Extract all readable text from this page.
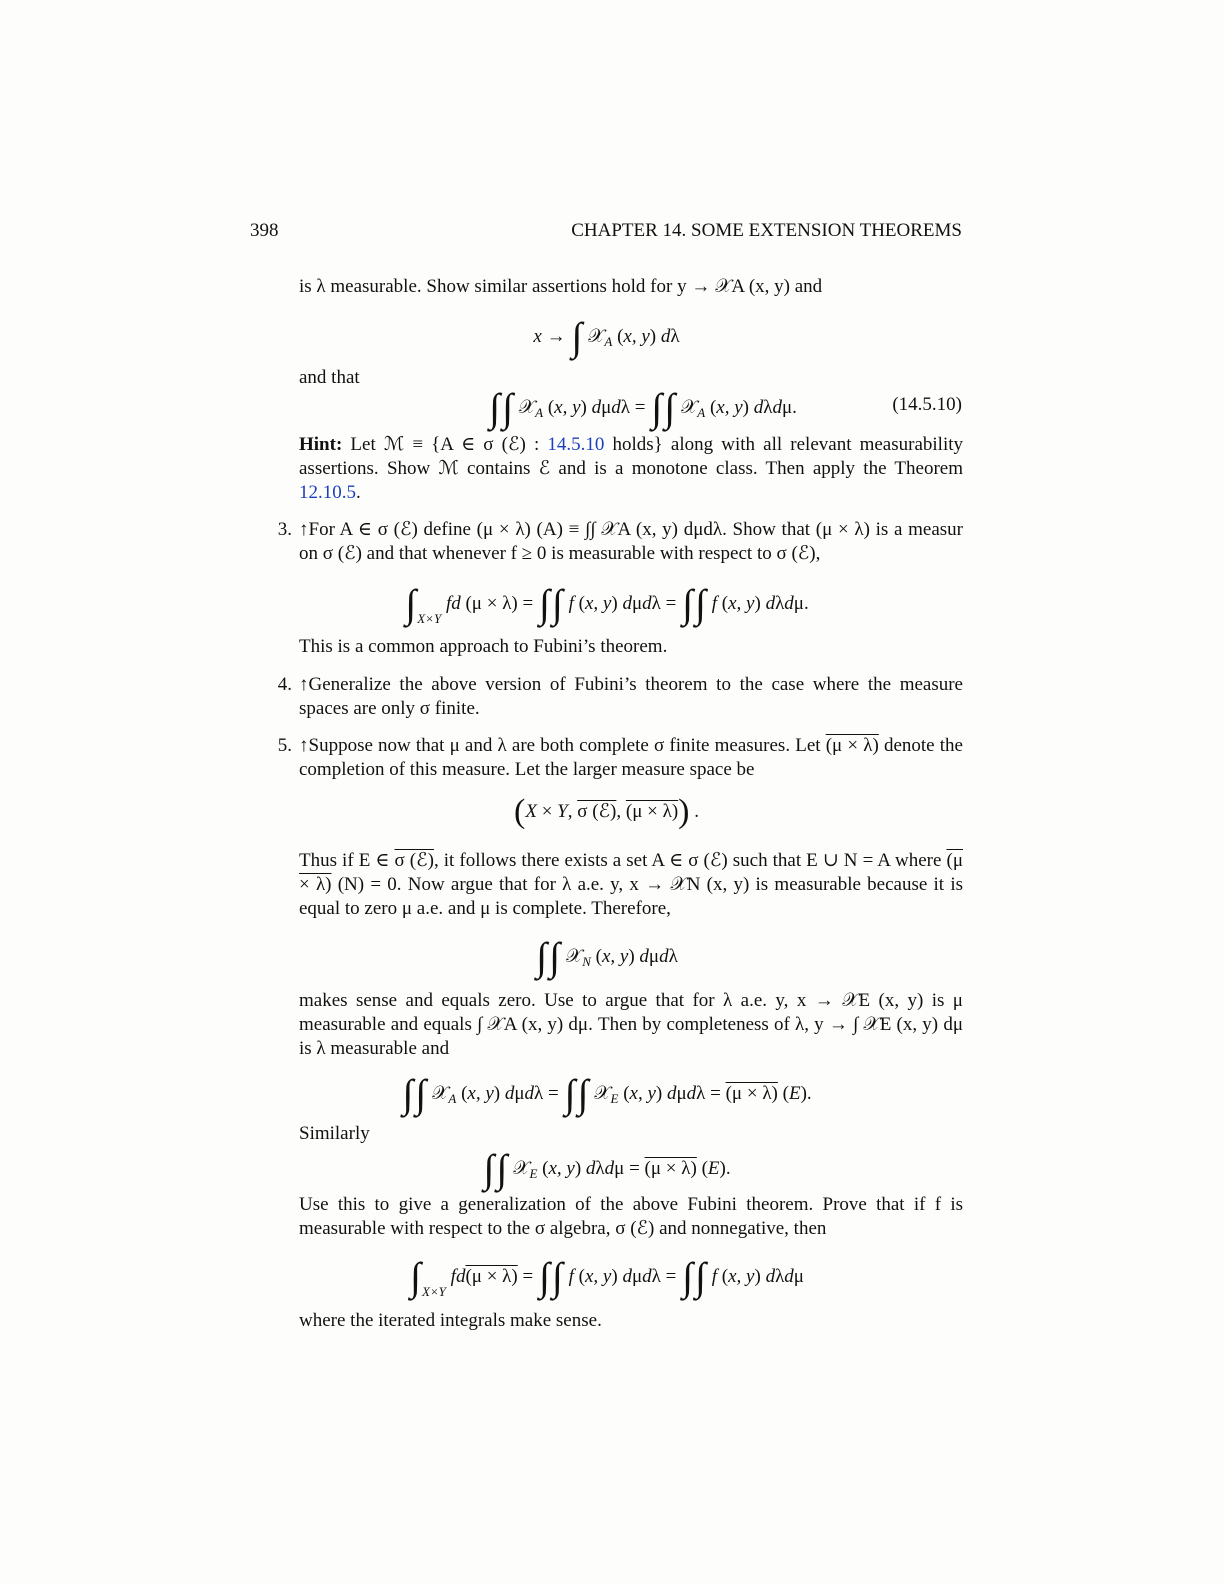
398	CHAPTER 14. SOME EXTENSION THEOREMS
is λ measurable. Show similar assertions hold for y → 𝒳A (x, y) and
x → ∫ 𝒳$_A$ (x, y) dλ
and that
∫∫ 𝒳$_A$ (x, y) dμdλ = ∫∫ 𝒳$_A$ (x, y) dλdμ.	(14.5.10)
Hint: Let ℳ ≡ {A ∈ σ (ℰ) : 14.5.10 holds} along with all relevant measurability assertions. Show ℳ contains ℰ and is a monotone class. Then apply the Theorem 12.10.5.
3. ↑For A ∈ σ (ℰ) define (μ × λ) (A) ≡ ∫∫ 𝒳A (x, y) dμdλ. Show that (μ × λ) is a measur on σ (ℰ) and that whenever f ≥ 0 is measurable with respect to σ (ℰ),
$\int_{X\times Y}$ fd (μ × λ) = ∫∫ f (x, y) dμdλ = ∫∫ f (x, y) dλdμ.
This is a common approach to Fubini’s theorem.
4. ↑Generalize the above version of Fubini’s theorem to the case where the measure spaces are only σ finite.
5. ↑Suppose now that μ and λ are both complete σ finite measures. Let (μ × λ) denote the completion of this measure. Let the larger measure space be
(X × Y, σ (ℰ), (μ × λ)) .
Thus if E ∈ σ (ℰ), it follows there exists a set A ∈ σ (ℰ) such that E ∪ N = A where (μ × λ) (N) = 0. Now argue that for λ a.e. y, x → 𝒳N (x, y) is measurable because it is equal to zero μ a.e. and μ is complete. Therefore,
∫∫ 𝒳$_N$ (x, y) dμdλ
makes sense and equals zero. Use to argue that for λ a.e. y, x → 𝒳E (x, y) is μ measurable and equals ∫ 𝒳A (x, y) dμ. Then by completeness of λ, y → ∫ 𝒳E (x, y) dμ is λ measurable and
∫∫ 𝒳$_A$ (x, y) dμdλ = ∫∫ 𝒳$_E$ (x, y) dμdλ = (μ × λ) (E).
Similarly
∫∫ 𝒳$_E$ (x, y) dλdμ = (μ × λ) (E).
Use this to give a generalization of the above Fubini theorem. Prove that if f is measurable with respect to the σ algebra, σ (ℰ) and nonnegative, then
$\int_{X\times Y}$ fd(μ × λ) = ∫∫ f (x, y) dμdλ = ∫∫ f (x, y) dλdμ
where the iterated integrals make sense.
